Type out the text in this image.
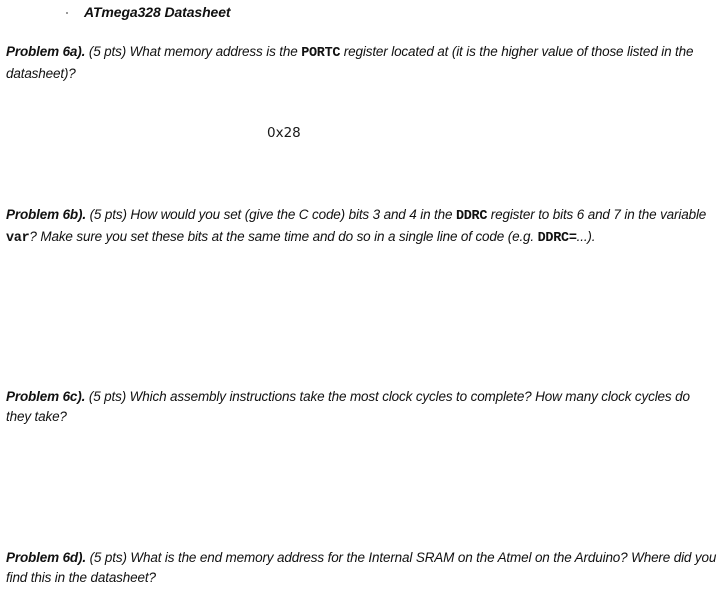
ATmega328 Datasheet

Problem 6a). (5 pts) What memory address is the PORTC register located at (it is the higher value of those listed in the datasheet)?

0x28

Problem 6b). (5 pts) How would you set (give the C code) bits 3 and 4 in the DDRC register to bits 6 and 7 in the variable var? Make sure you set these bits at the same time and do so in a single line of code (e.g. DDRC=...).

Problem 6c). (5 pts) Which assembly instructions take the most clock cycles to complete? How many clock cycles do they take?

Problem 6d). (5 pts) What is the end memory address for the Internal SRAM on the Atmel on the Arduino? Where did you find this in the datasheet?
